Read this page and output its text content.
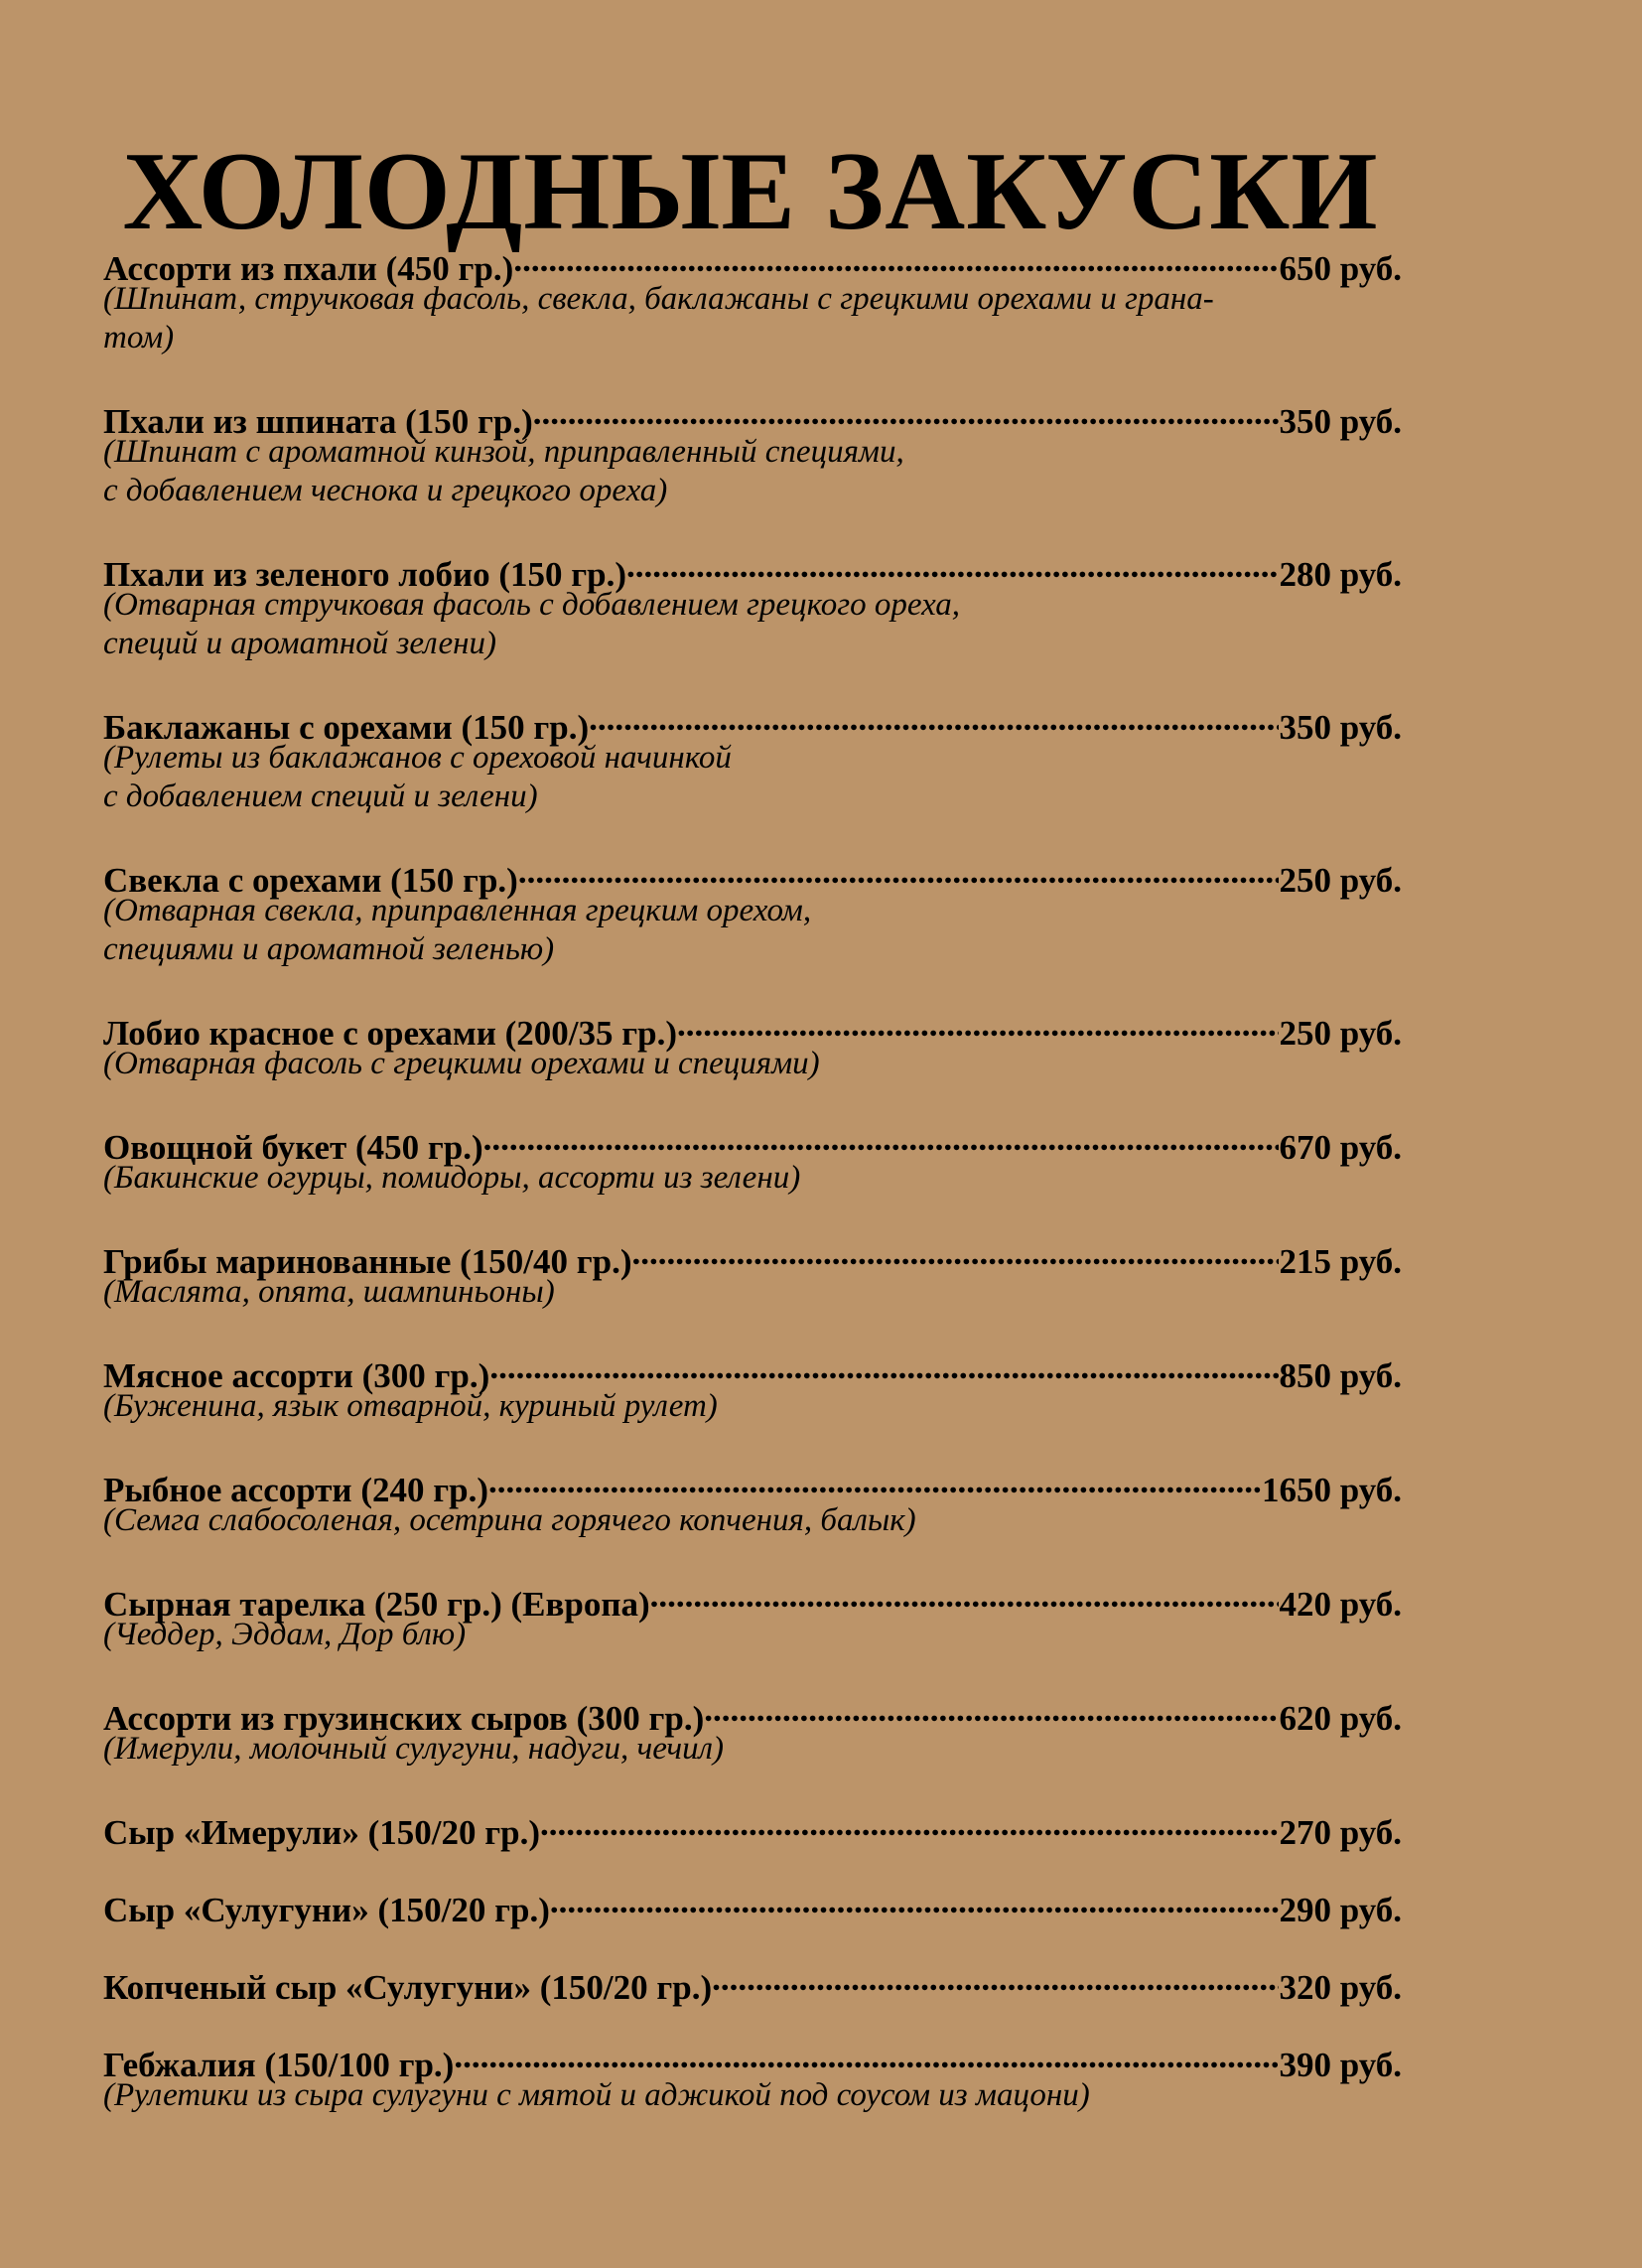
ХОЛОДНЫЕ ЗАКУСКИ
Ассорти из пхали (450 гр.) .....	650 руб.
(Шпинат, стручковая фасоль, свекла, баклажаны с грецкими орехами и грана-
том)
Пхали из шпината (150 гр.) .....	350 руб.
(Шпинат с ароматной кинзой, приправленный специями,
с добавлением чеснока и грецкого ореха)
Пхали из зеленого лобио (150 гр.) .....	280 руб.
(Отварная стручковая фасоль с добавлением грецкого ореха,
специй и ароматной зелени)
Баклажаны с орехами (150 гр.) .....	350 руб.
(Рулеты из баклажанов с ореховой начинкой
с добавлением специй и зелени)
Свекла с орехами (150 гр.) .....	250 руб.
(Отварная свекла, приправленная грецким орехом,
специями и ароматной зеленью)
Лобио красное с орехами (200/35 гр.) .....	250 руб.
(Отварная фасоль с грецкими орехами и специями)
Овощной букет (450 гр.) .....	670 руб.
(Бакинские огурцы, помидоры, ассорти из зелени)
Грибы маринованные (150/40 гр.) .....	215 руб.
(Маслята, опята, шампиньоны)
Мясное ассорти (300 гр.) .....	850 руб.
(Буженина, язык отварной, куриный рулет)
Рыбное ассорти (240 гр.) .....	1650 руб.
(Семга слабосоленая, осетрина горячего копчения, балык)
Сырная тарелка (250 гр.) (Европа) .....	420 руб.
(Чеддер, Эддам, Дор блю)
Ассорти из грузинских сыров (300 гр.) .....	620 руб.
(Имерули, молочный сулугуни, надуги, чечил)
Сыр «Имерули» (150/20 гр.) .....	270 руб.
Сыр «Сулугуни» (150/20 гр.) .....	290 руб.
Копченый сыр «Сулугуни» (150/20 гр.) .....	320 руб.
Гебжалия (150/100 гр.) .....	390 руб.
(Рулетики из сыра сулугуни с мятой и аджикой под соусом из мацони)
